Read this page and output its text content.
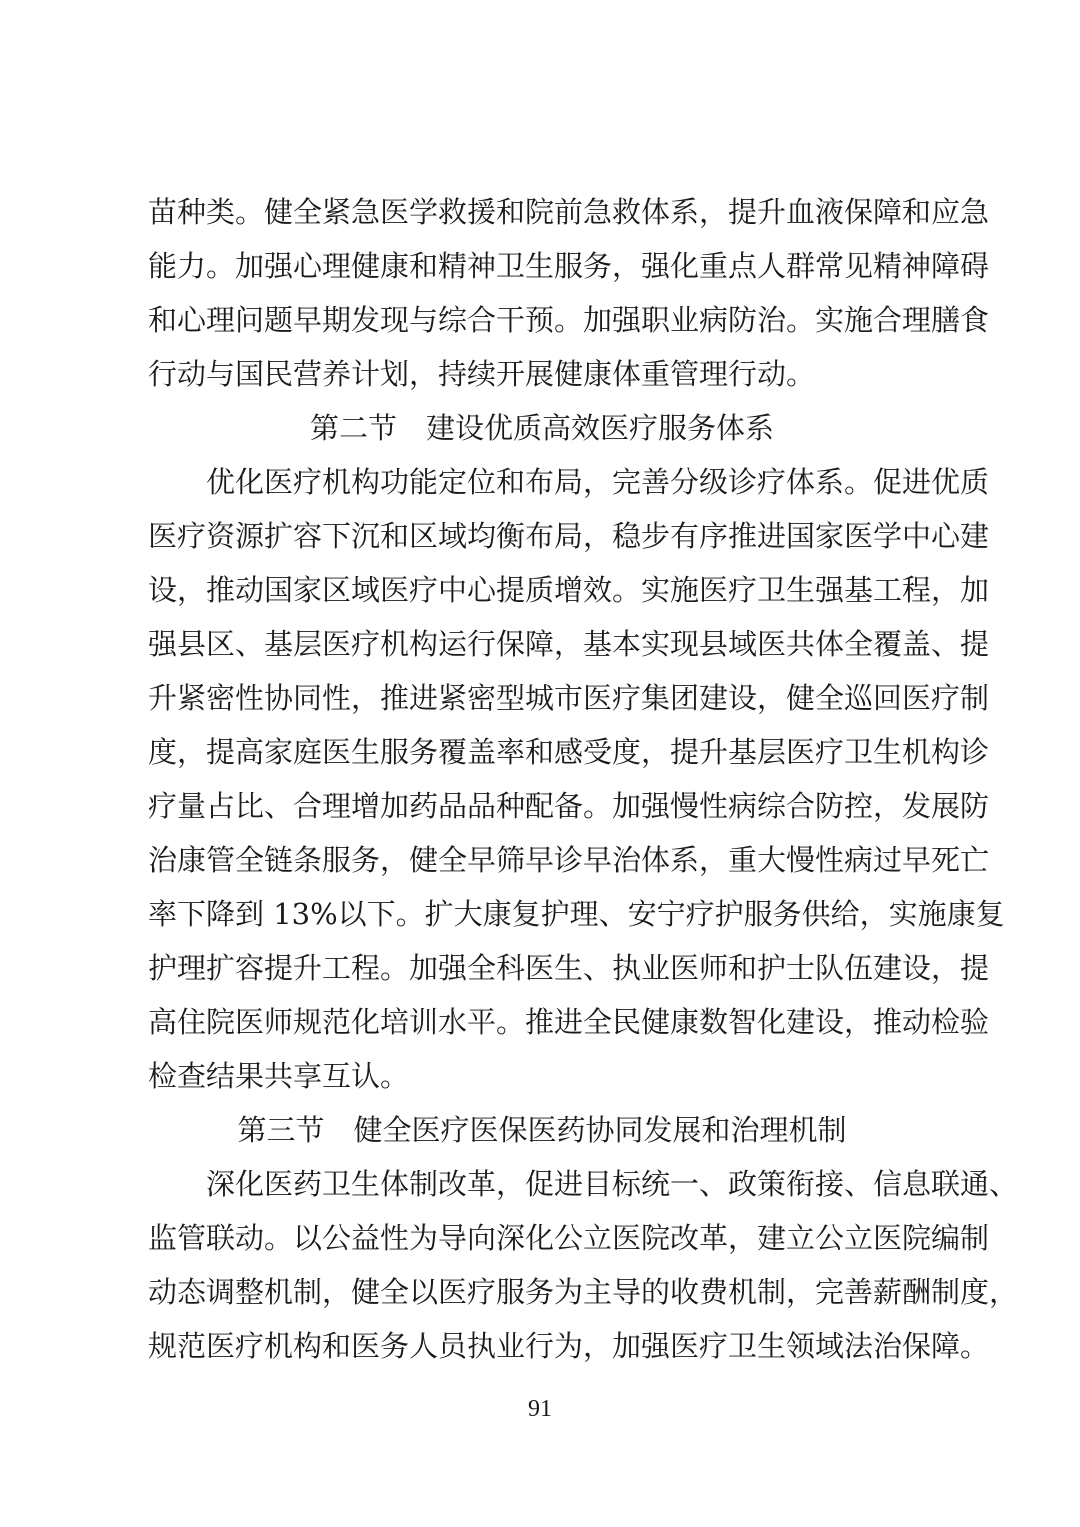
苗种类。健全紧急医学救援和院前急救体系，提升血液保障和应急
能力。加强心理健康和精神卫生服务，强化重点人群常见精神障碍
和心理问题早期发现与综合干预。加强职业病防治。实施合理膳食
行动与国民营养计划，持续开展健康体重管理行动。
第二节　建设优质高效医疗服务体系
优化医疗机构功能定位和布局，完善分级诊疗体系。促进优质
医疗资源扩容下沉和区域均衡布局，稳步有序推进国家医学中心建
设，推动国家区域医疗中心提质增效。实施医疗卫生强基工程，加
强县区、基层医疗机构运行保障，基本实现县域医共体全覆盖、提
升紧密性协同性，推进紧密型城市医疗集团建设，健全巡回医疗制
度，提高家庭医生服务覆盖率和感受度，提升基层医疗卫生机构诊
疗量占比、合理增加药品品种配备。加强慢性病综合防控，发展防
治康管全链条服务，健全早筛早诊早治体系，重大慢性病过早死亡
率下降到 13%以下。扩大康复护理、安宁疗护服务供给，实施康复
护理扩容提升工程。加强全科医生、执业医师和护士队伍建设，提
高住院医师规范化培训水平。推进全民健康数智化建设，推动检验
检查结果共享互认。
第三节　健全医疗医保医药协同发展和治理机制
深化医药卫生体制改革，促进目标统一、政策衔接、信息联通、
监管联动。以公益性为导向深化公立医院改革，建立公立医院编制
动态调整机制，健全以医疗服务为主导的收费机制，完善薪酬制度，
规范医疗机构和医务人员执业行为，加强医疗卫生领域法治保障。
91
